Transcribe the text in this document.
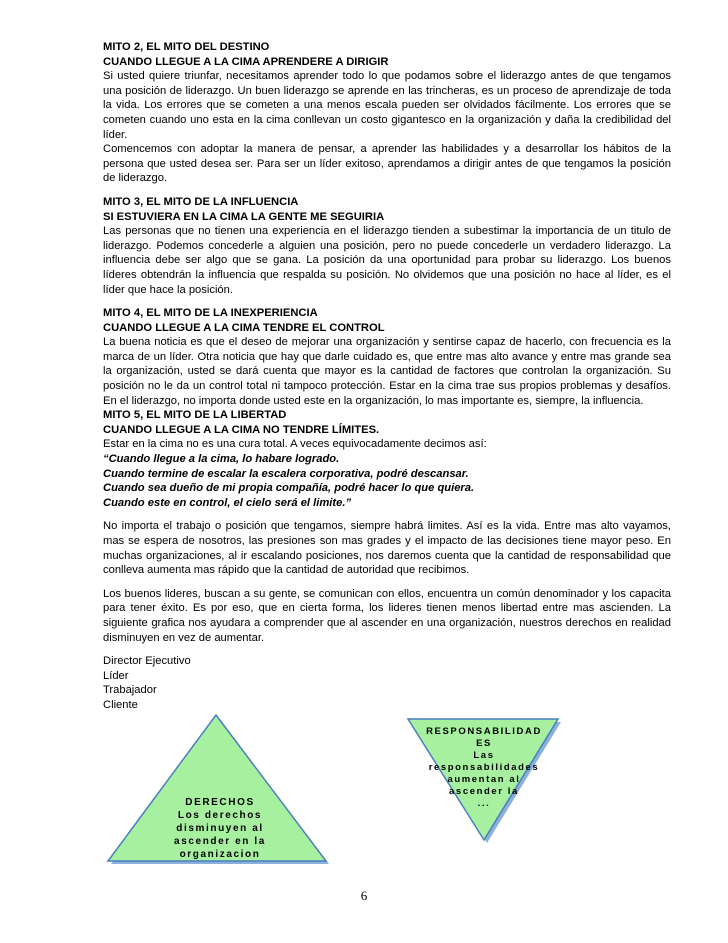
MITO 2, EL MITO DEL DESTINO
CUANDO LLEGUE A LA CIMA APRENDERE A DIRIGIR

Si usted quiere triunfar, necesitamos aprender todo lo que podamos sobre el liderazgo antes de que tengamos una posición de liderazgo. Un buen liderazgo se aprende en las trincheras, es un proceso de aprendizaje de toda la vida. Los errores que se cometen a una menos escala pueden ser olvidados fácilmente. Los errores que se cometen cuando uno esta en la cima conllevan un costo gigantesco en la organización y daña la credibilidad del líder.

Comencemos con adoptar la manera de pensar, a aprender las habilidades y a desarrollar los hábitos de la persona que usted desea ser. Para ser un líder exitoso, aprendamos a dirigir antes de que tengamos la posición de liderazgo.

MITO 3, EL MITO DE LA INFLUENCIA
SI ESTUVIERA EN LA CIMA LA GENTE ME SEGUIRIA

Las personas que no tienen una experiencia en el liderazgo tienden a subestimar la importancia de un titulo de liderazgo. Podemos concederle a alguien una posición, pero no puede concederle un verdadero liderazgo. La influencia debe ser algo que se gana. La posición da una oportunidad para probar su liderazgo. Los buenos líderes obtendrán la influencia que respalda su posición. No olvidemos que una posición no hace al líder, es el líder que hace la posición.

MITO 4, EL MITO DE LA INEXPERIENCIA
CUANDO LLEGUE A LA CIMA TENDRE EL CONTROL

La buena noticia es que el deseo de mejorar una organización y sentirse capaz de hacerlo, con frecuencia es la marca de un líder. Otra noticia que hay que darle cuidado es, que entre mas alto avance y entre mas grande sea la organización, usted se dará cuenta que mayor es la cantidad de factores que controlan la organización. Su posición no le da un control total ni tampoco protección. Estar en la cima trae sus propios problemas y desafíos. En el liderazgo, no importa donde usted este en la organización, lo mas importante es, siempre, la influencia.

MITO 5, EL MITO DE LA LIBERTAD
CUANDO LLEGUE A LA CIMA NO TENDRE LÍMITES.

Estar en la cima no es una cura total. A veces equivocadamente decimos así:

“Cuando llegue a la cima, lo habare logrado.
Cuando termine de escalar la escalera corporativa, podré descansar.
Cuando sea dueño de mi propia compañía, podré hacer lo que quiera.
Cuando este en control, el cielo será el limite.”

No importa el trabajo o posición que tengamos, siempre habrá limites. Así es la vida. Entre mas alto vayamos, mas se espera de nosotros, las presiones son mas grades y el impacto de las decisiones tiene mayor peso. En muchas organizaciones, al ir escalando posiciones, nos daremos cuenta que la cantidad de responsabilidad que conlleva aumenta mas rápido que la cantidad de autoridad que recibimos.

Los buenos lideres, buscan a su gente, se comunican con ellos, encuentra un común denominador y los capacita para tener éxito. Es por eso, que en cierta forma, los lideres tienen menos libertad entre mas ascienden. La siguiente grafica nos ayudara a comprender que al ascender en una organización, nuestros derechos en realidad disminuyen en vez de aumentar.

Director Ejecutivo
Líder
Trabajador
Cliente
DERECHOS
Los derechos
disminuyen al
ascender en la
organizacion
RESPONSABILIDAD
ES
Las
responsabilidades
aumentan al
ascender la
...
6
